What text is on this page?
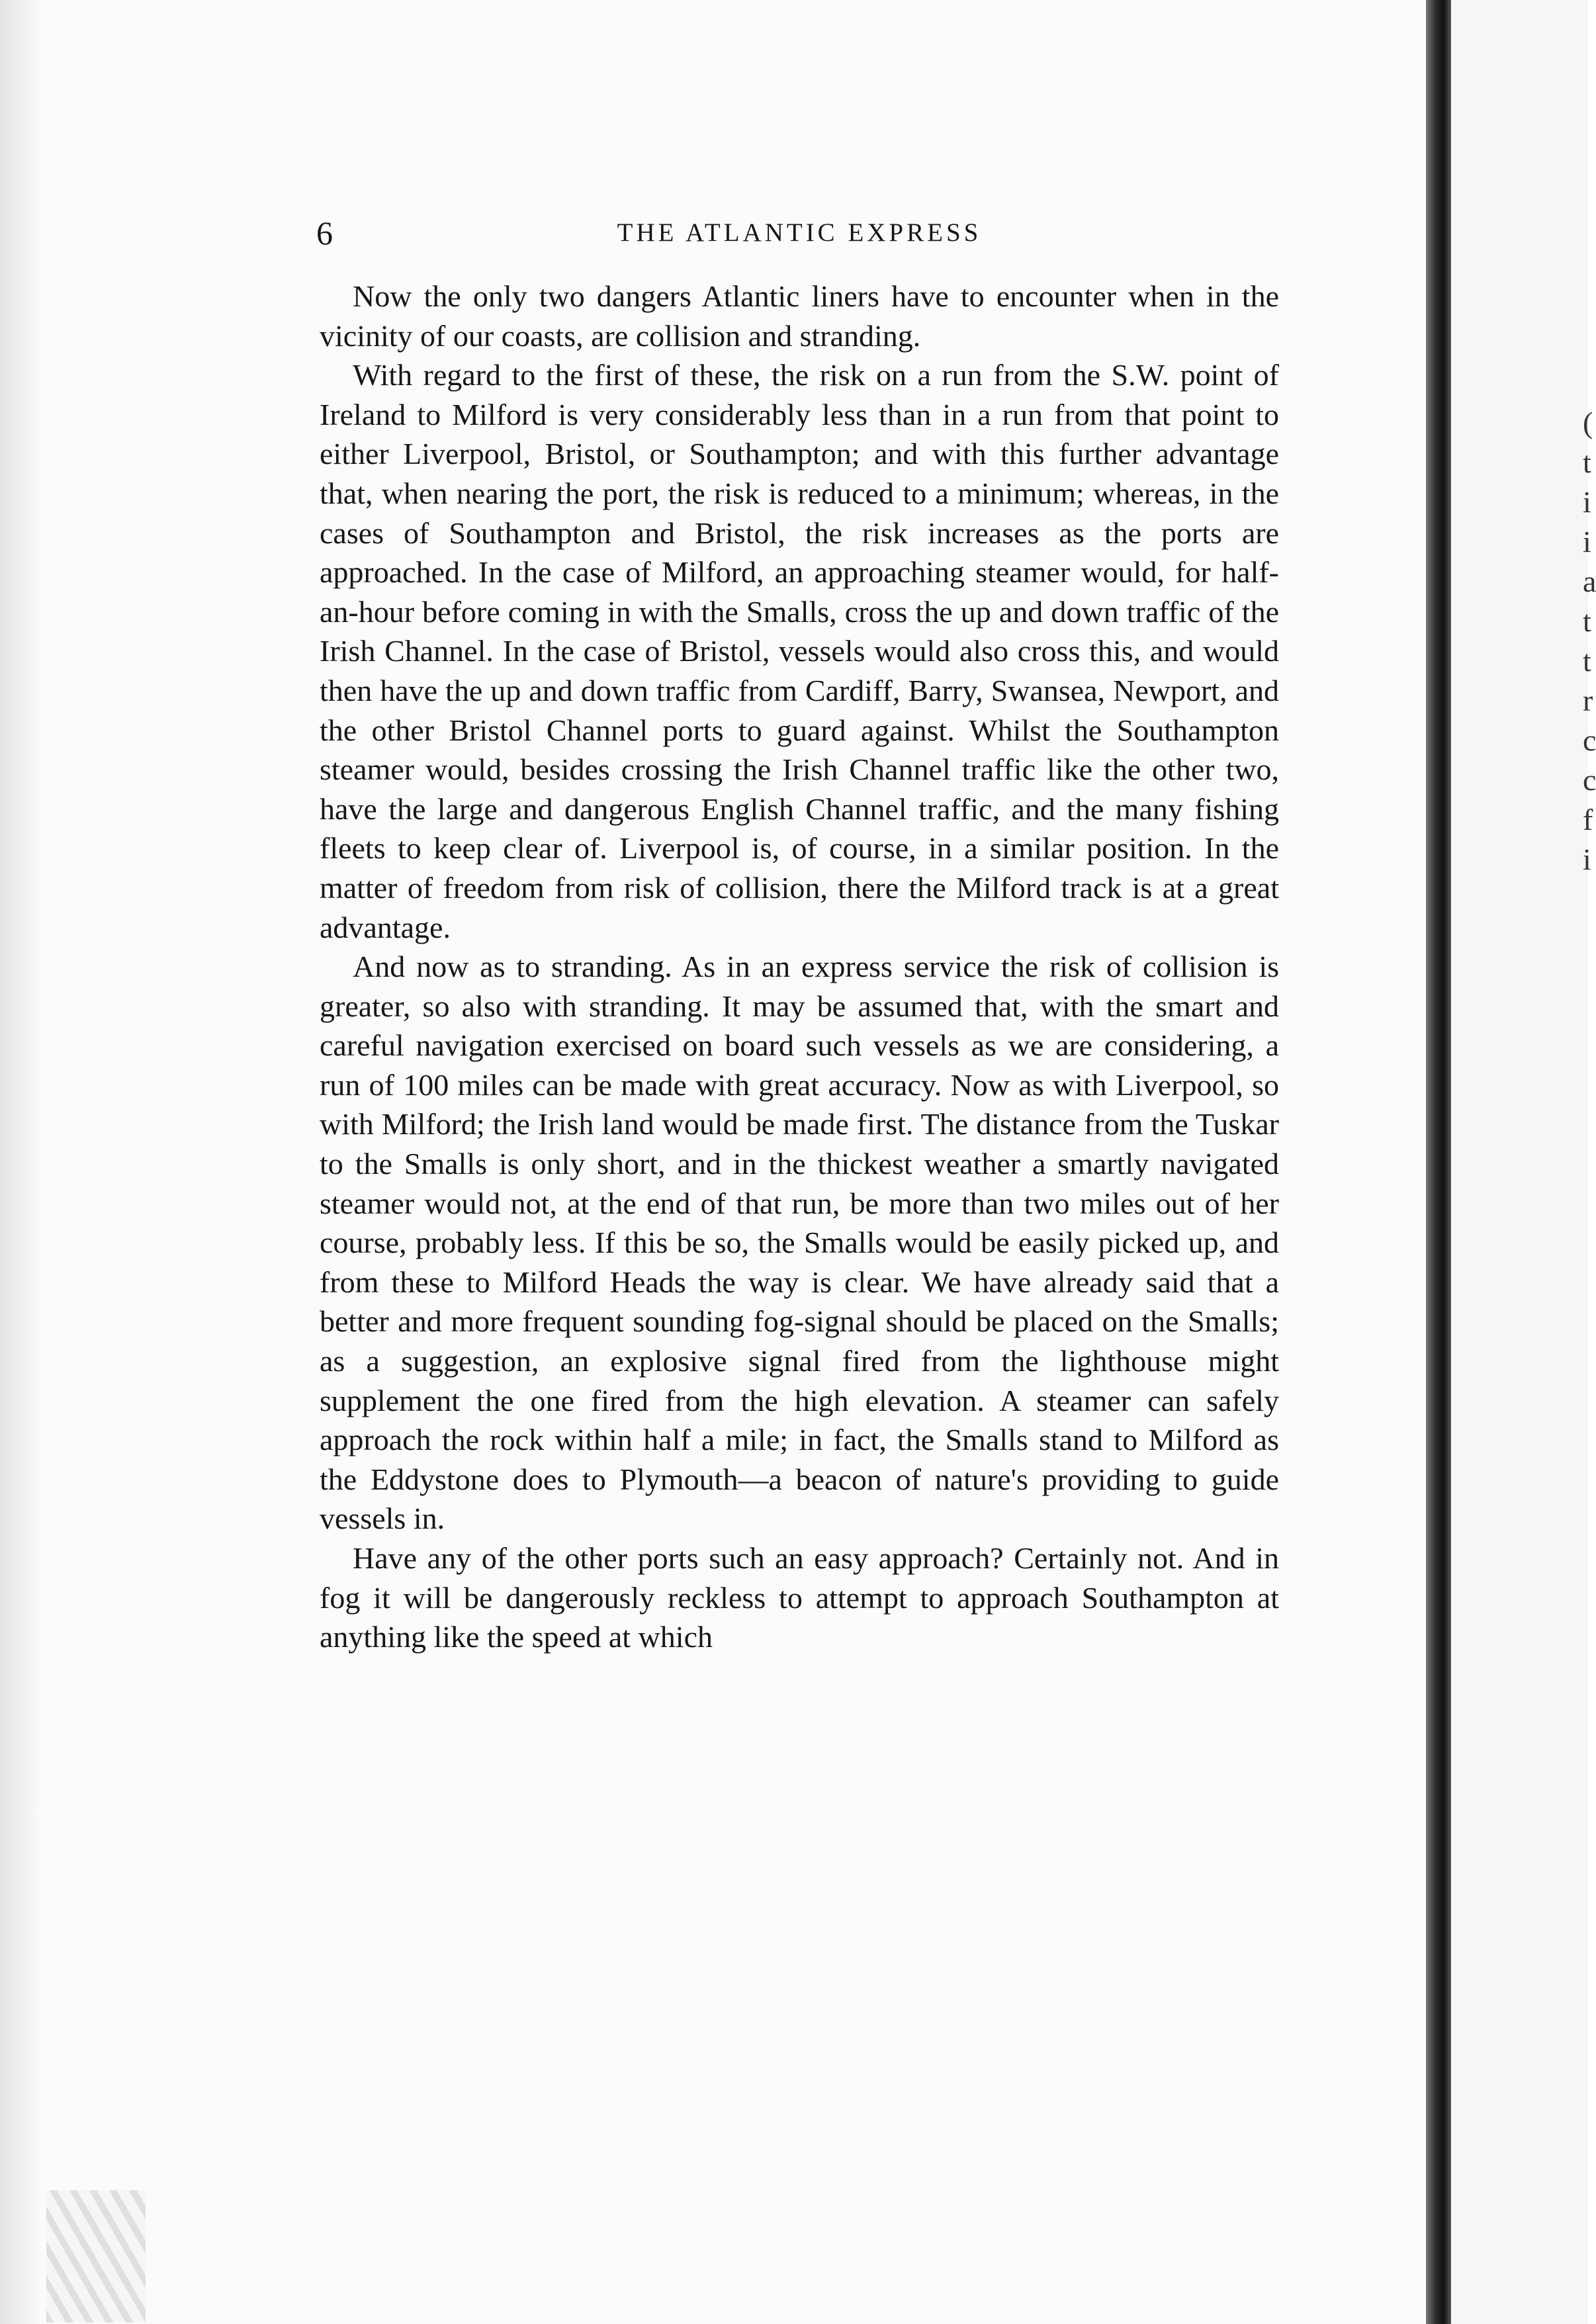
(
t
i
i
a
t
t
r
c
c
f
i
6	THE ATLANTIC EXPRESS

Now the only two dangers Atlantic liners have to encounter when in the vicinity of our coasts, are collision and stranding.

With regard to the first of these, the risk on a run from the S.W. point of Ireland to Milford is very considerably less than in a run from that point to either Liverpool, Bristol, or Southampton; and with this further advantage that, when nearing the port, the risk is reduced to a minimum; whereas, in the cases of Southampton and Bristol, the risk increases as the ports are approached. In the case of Milford, an approaching steamer would, for half-an-hour before coming in with the Smalls, cross the up and down traffic of the Irish Channel. In the case of Bristol, vessels would also cross this, and would then have the up and down traffic from Cardiff, Barry, Swansea, Newport, and the other Bristol Channel ports to guard against. Whilst the Southampton steamer would, besides crossing the Irish Channel traffic like the other two, have the large and dangerous English Channel traffic, and the many fishing fleets to keep clear of. Liverpool is, of course, in a similar position. In the matter of freedom from risk of collision, there the Milford track is at a great advantage.

And now as to stranding. As in an express service the risk of collision is greater, so also with stranding. It may be assumed that, with the smart and careful navigation exercised on board such vessels as we are considering, a run of 100 miles can be made with great accuracy. Now as with Liverpool, so with Milford; the Irish land would be made first. The distance from the Tuskar to the Smalls is only short, and in the thickest weather a smartly navigated steamer would not, at the end of that run, be more than two miles out of her course, probably less. If this be so, the Smalls would be easily picked up, and from these to Milford Heads the way is clear. We have already said that a better and more frequent sounding fog-signal should be placed on the Smalls; as a suggestion, an explosive signal fired from the lighthouse might supplement the one fired from the high elevation. A steamer can safely approach the rock within half a mile; in fact, the Smalls stand to Milford as the Eddystone does to Plymouth—a beacon of nature's providing to guide vessels in.

Have any of the other ports such an easy approach? Certainly not. And in fog it will be dangerously reckless to attempt to approach Southampton at anything like the speed at which
